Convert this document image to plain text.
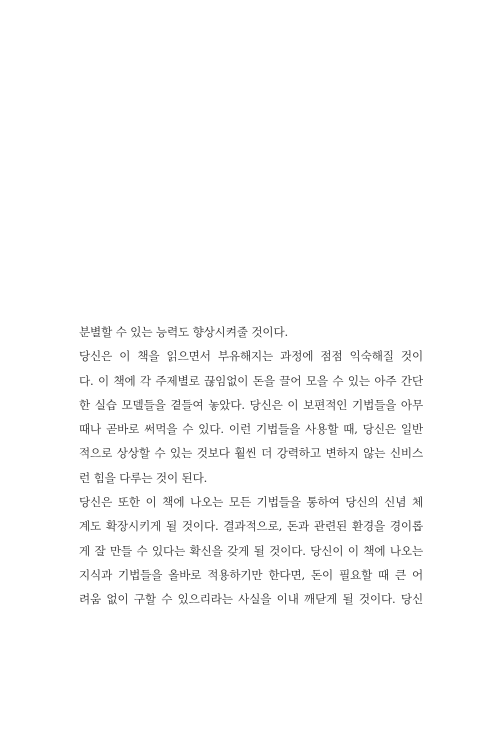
분별할 수 있는 능력도 향상시켜줄 것이다.
당신은 이 책을 읽으면서 부유해지는 과정에 점점 익숙해질 것이
다. 이 책에 각 주제별로 끊임없이 돈을 끌어 모을 수 있는 아주 간단
한 실습 모델들을 곁들여 놓았다. 당신은 이 보편적인 기법들을 아무
때나 곧바로 써먹을 수 있다. 이런 기법들을 사용할 때, 당신은 일반
적으로 상상할 수 있는 것보다 훨씬 더 강력하고 변하지 않는 신비스
런 힘을 다루는 것이 된다.
당신은 또한 이 책에 나오는 모든 기법들을 통하여 당신의 신념 체
계도 확장시키게 될 것이다. 결과적으로, 돈과 관련된 환경을 경이롭
게 잘 만들 수 있다는 확신을 갖게 될 것이다. 당신이 이 책에 나오는
지식과 기법들을 올바로 적용하기만 한다면, 돈이 필요할 때 큰 어
려움 없이 구할 수 있으리라는 사실을 이내 깨닫게 될 것이다. 당신
